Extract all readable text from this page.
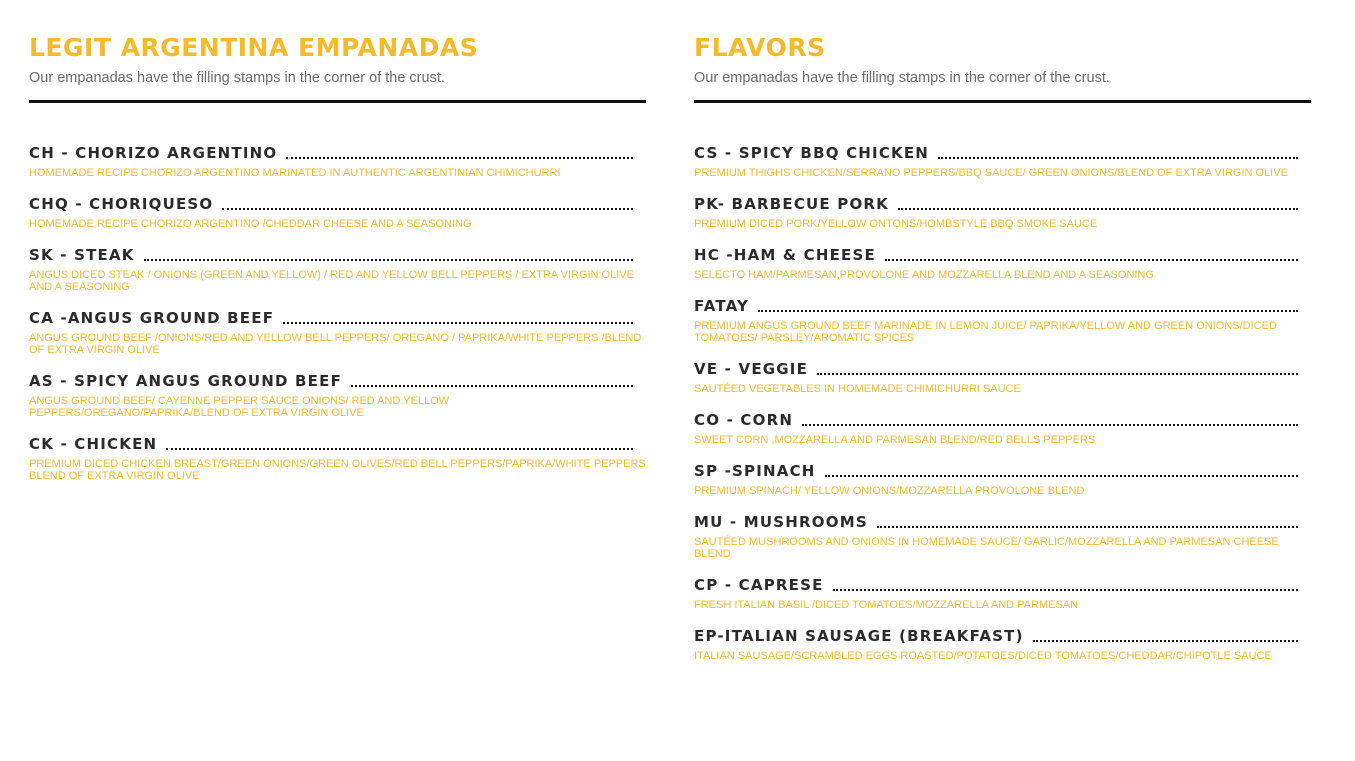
LEGIT ARGENTINA EMPANADAS

Our empanadas have the filling stamps in the corner of the crust.

CH - CHORIZO ARGENTINO
HOMEMADE RECIPE CHORIZO ARGENTINO MARINATED IN AUTHENTIC ARGENTINIAN CHIMICHURRI
CHQ - CHORIQUESO
HOMEMADE RECIPE CHORIZO ARGENTINO /CHEDDAR CHEESE AND A SEASONING
SK - STEAK
ANGUS DICED STEAK / ONIONS (GREEN AND YELLOW) / RED AND YELLOW BELL PEPPERS / EXTRA VIRGIN OLIVE AND A SEASONING
CA -ANGUS GROUND BEEF
ANGUS GROUND BEEF /ONIONS/RED AND YELLOW BELL PEPPERS/ OREGANO / PAPRIKA/WHITE PEPPERS /BLEND OF EXTRA VIRGIN OLIVE
AS - SPICY ANGUS GROUND BEEF
ANGUS GROUND BEEF/ CAYENNE PEPPER SAUCE ONIONS/ RED AND YELLOW PEPPERS/OREGANO/PAPRIKA/BLEND OF EXTRA VIRGIN OLIVE
CK - CHICKEN
PREMIUM DICED CHICKEN BREAST/GREEN ONIONS/GREEN OLIVES/RED BELL PEPPERS/PAPRIKA/WHITE PEPPERS BLEND OF EXTRA VIRGIN OLIVE
FLAVORS

Our empanadas have the filling stamps in the corner of the crust.

CS - SPICY BBQ CHICKEN
PREMIUM THIGHS CHICKEN/SERRANO PEPPERS/BBQ SAUCE/ GREEN ONIONS/BLEND OF EXTRA VIRGIN OLIVE
PK- BARBECUE PORK
PREMIUM DICED PORK/YELLOW ONTONS/HOMBSTYLE BBQ SMOKE SAUCE
HC -HAM & CHEESE
SELECTO HAM/PARMESAN,PROVOLONE AND MOZZARELLA BLEND AND A SEASONING
FATAY
PREMIUM ANGUS GROUND BEEF MARINADE IN LEMON JUICE/ PAPRIKA/YELLOW AND GREEN ONIONS/DICED TOMATOES/ PARSLEY/AROMATIC SPICES
VE - VEGGIE
SAUTÉED VEGETABLES IN HOMEMADE CHIMICHURRI SAUCE
CO - CORN
SWEET CORN ,MOZZARELLA AND PARMESAN BLEND/RED BELLS PEPPERS
SP -SPINACH
PREMIUM SPINACH/ YELLOW ONIONS/MOZZARELLA PROVOLONE BLEND
MU - MUSHROOMS
SAUTÉED MUSHROOMS AND ONIONS IN HOMEMADE SAUCE/ GARLIC/MOZZARELLA AND PARMESAN CHEESE BLEND
CP - CAPRESE
FRESH ITALIAN BASIL /DICED TOMATOES/MOZZARELLA AND PARMESAN
EP-ITALIAN SAUSAGE (BREAKFAST)
ITALIAN SAUSAGE/SCRAMBLED EGGS ROASTED/POTATOES/DICED TOMATOES/CHEDDAR/CHIPOTLE SAUCE
